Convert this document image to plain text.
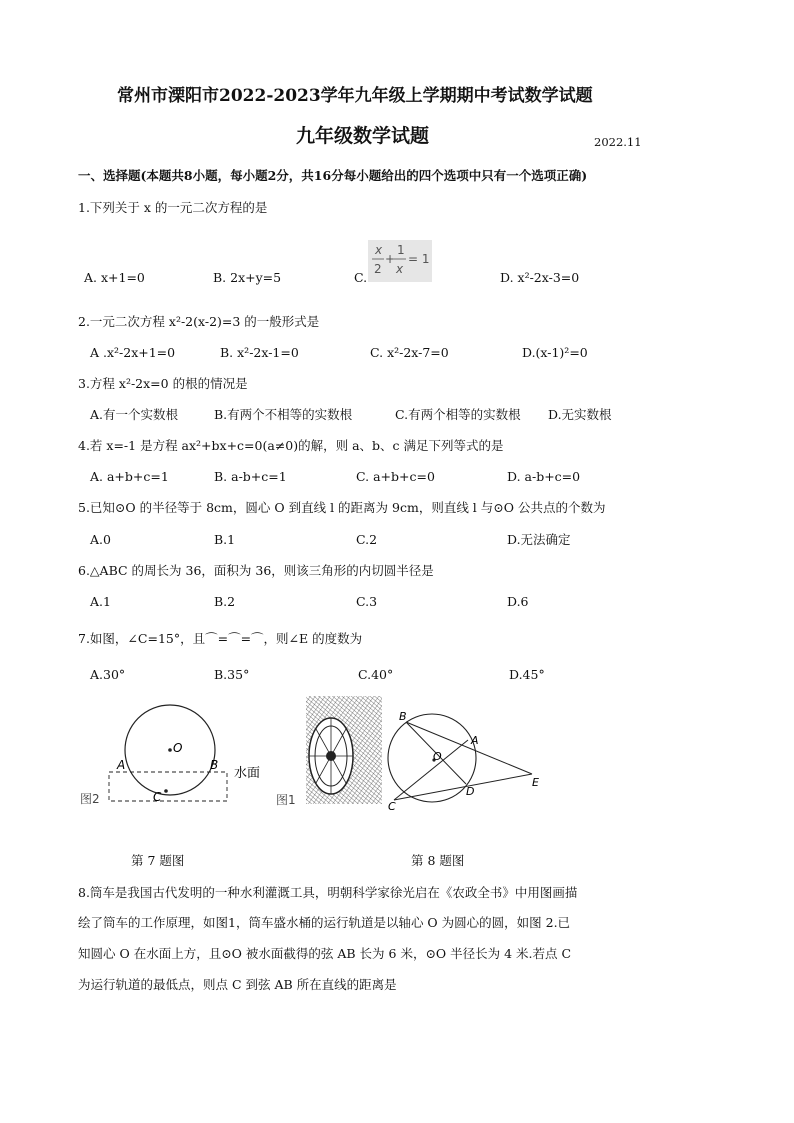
常州市溧阳市2022-2023学年九年级上学期期中考试数学试题
九年级数学试题	2022.11
一、选择题(本题共8小题，每小题2分，共16分每小题给出的四个选项中只有一个选项正确)
1.下列关于 x 的一元二次方程的是
A. x+1=0	B. 2x+y=5	C.
x
2
+
1
x
= 1
D. x²-2x-3=0
2.一元二次方程 x²-2(x-2)=3 的一般形式是
A .x²-2x+1=0	B. x²-2x-1=0	C. x²-2x-7=0	D.(x-1)²=0
3.方程 x²-2x=0 的根的情况是
A.有一个实数根	B.有两个不相等的实数根	C.有两个相等的实数根 D.无实数根
4.若 x=-1 是方程 ax²+bx+c=0(a≠0)的解，则 a、b、c 满足下列等式的是
A. a+b+c=1	B. a-b+c=1	C. a+b+c=0	D. a-b+c=0
5.已知⊙O 的半径等于 8cm，圆心 O 到直线 l 的距离为 9cm，则直线 l 与⊙O 公共点的个数为
A.0	B.1	C.2	D.无法确定
6.△ABC 的周长为 36，面积为 36，则该三角形的内切圆半径是
A.1	B.2	C.3	D.6
7.如图，∠C=15°，且⌒=⌒=⌒，则∠E 的度数为
A.30°	B.35°	C.40°	D.45°
O
A	B
C
水面
图2	图1
B
A
O
E
C
D
第 7 题图	第 8 题图
8.筒车是我国古代发明的一种水利灌溉工具，明朝科学家徐光启在《农政全书》中用图画描
绘了筒车的工作原理，如图1，筒车盛水桶的运行轨道是以轴心 O 为圆心的圆，如图 2.已
知圆心 O 在水面上方，且⊙O 被水面截得的弦 AB 长为 6 米，⊙O 半径长为 4 米.若点 C
为运行轨道的最低点，则点 C 到弦 AB 所在直线的距离是
